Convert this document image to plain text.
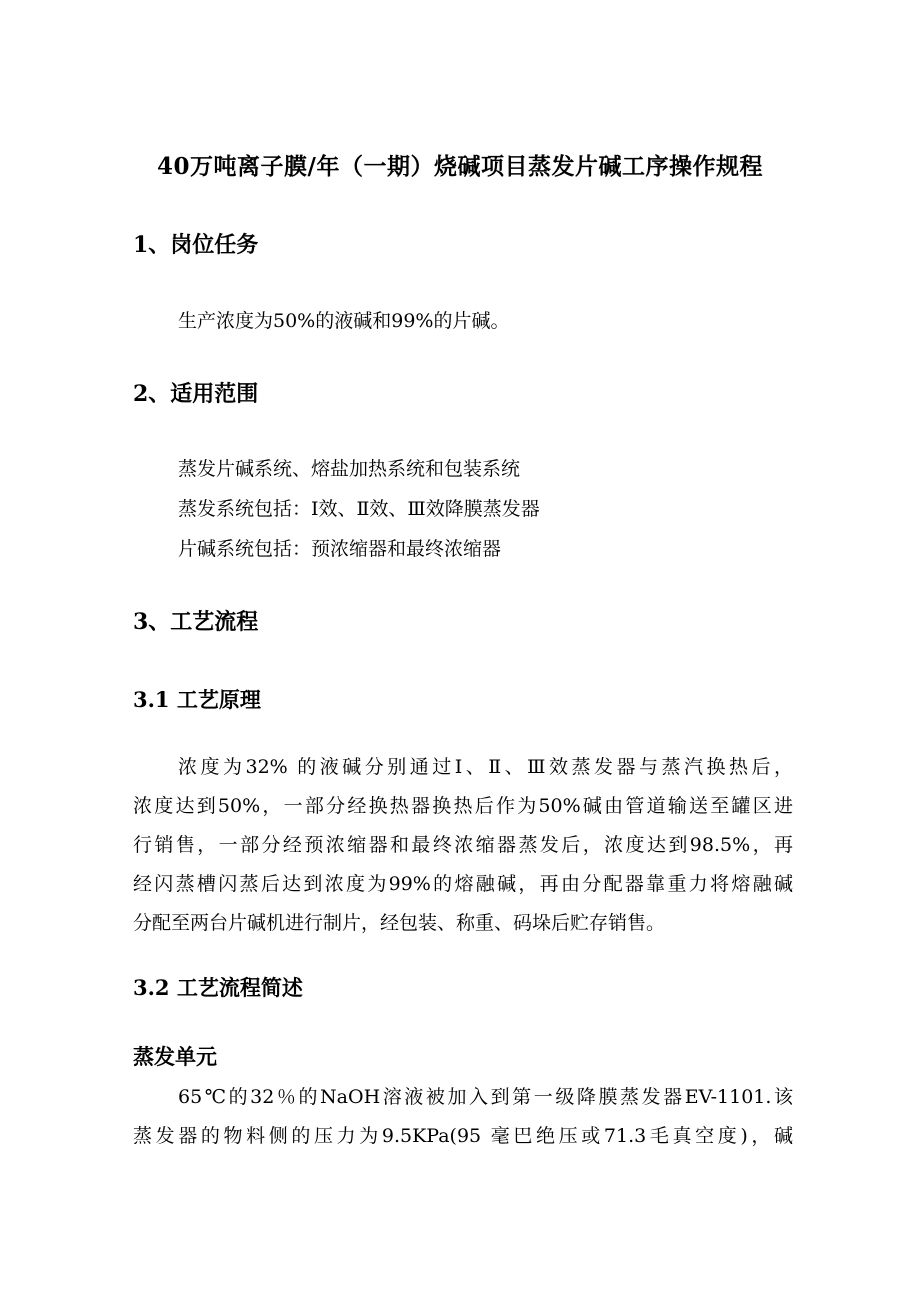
40万吨离子膜/年（一期）烧碱项目蒸发片碱工序操作规程
1、岗位任务
生产浓度为50%的液碱和99%的片碱。
2、适用范围
蒸发片碱系统、熔盐加热系统和包装系统
蒸发系统包括：Ⅰ效、Ⅱ效、Ⅲ效降膜蒸发器
片碱系统包括：预浓缩器和最终浓缩器
3、工艺流程
3.1 工艺原理
浓度为32% 的液碱分别通过Ⅰ、Ⅱ、Ⅲ效蒸发器与蒸汽换热后，
浓度达到50%，一部分经换热器换热后作为50%碱由管道输送至罐区进
行销售，一部分经预浓缩器和最终浓缩器蒸发后，浓度达到98.5%，再
经闪蒸槽闪蒸后达到浓度为99%的熔融碱，再由分配器靠重力将熔融碱
分配至两台片碱机进行制片，经包装、称重、码垛后贮存销售。
3.2 工艺流程简述
蒸发单元
65℃的32％的NaOH溶液被加入到第一级降膜蒸发器EV-1101.该
蒸发器的物料侧的压力为9.5KPa(95 毫巴绝压或71.3毛真空度)，碱
